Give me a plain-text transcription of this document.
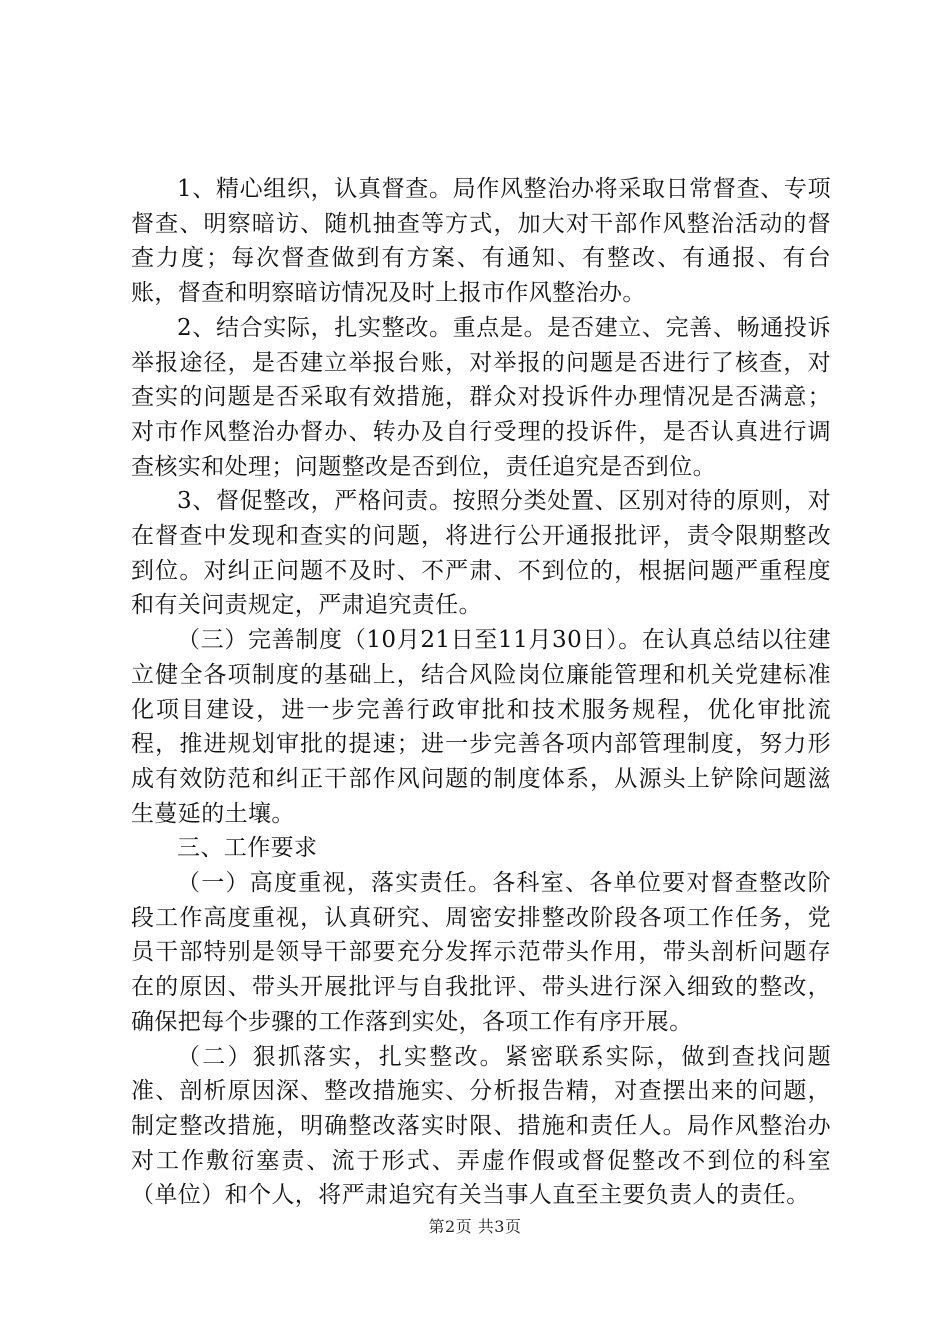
1、精心组织，认真督查。局作风整治办将采取日常督查、专项督查、明察暗访、随机抽查等方式，加大对干部作风整治活动的督查力度；每次督查做到有方案、有通知、有整改、有通报、有台账，督查和明察暗访情况及时上报市作风整治办。

2、结合实际，扎实整改。重点是。是否建立、完善、畅通投诉举报途径，是否建立举报台账，对举报的问题是否进行了核查，对查实的问题是否采取有效措施，群众对投诉件办理情况是否满意；对市作风整治办督办、转办及自行受理的投诉件，是否认真进行调查核实和处理；问题整改是否到位，责任追究是否到位。

3、督促整改，严格问责。按照分类处置、区别对待的原则，对在督查中发现和查实的问题，将进行公开通报批评，责令限期整改到位。对纠正问题不及时、不严肃、不到位的，根据问题严重程度和有关问责规定，严肃追究责任。

（三）完善制度（10月21日至11月30日）。在认真总结以往建立健全各项制度的基础上，结合风险岗位廉能管理和机关党建标准化项目建设，进一步完善行政审批和技术服务规程，优化审批流程，推进规划审批的提速；进一步完善各项内部管理制度，努力形成有效防范和纠正干部作风问题的制度体系，从源头上铲除问题滋生蔓延的土壤。

三、工作要求

（一）高度重视，落实责任。各科室、各单位要对督查整改阶段工作高度重视，认真研究、周密安排整改阶段各项工作任务，党员干部特别是领导干部要充分发挥示范带头作用，带头剖析问题存在的原因、带头开展批评与自我批评、带头进行深入细致的整改，确保把每个步骤的工作落到实处，各项工作有序开展。

（二）狠抓落实，扎实整改。紧密联系实际，做到查找问题准、剖析原因深、整改措施实、分析报告精，对查摆出来的问题，制定整改措施，明确整改落实时限、措施和责任人。局作风整治办对工作敷衍塞责、流于形式、弄虚作假或督促整改不到位的科室（单位）和个人，将严肃追究有关当事人直至主要负责人的责任。

第2页 共3页
